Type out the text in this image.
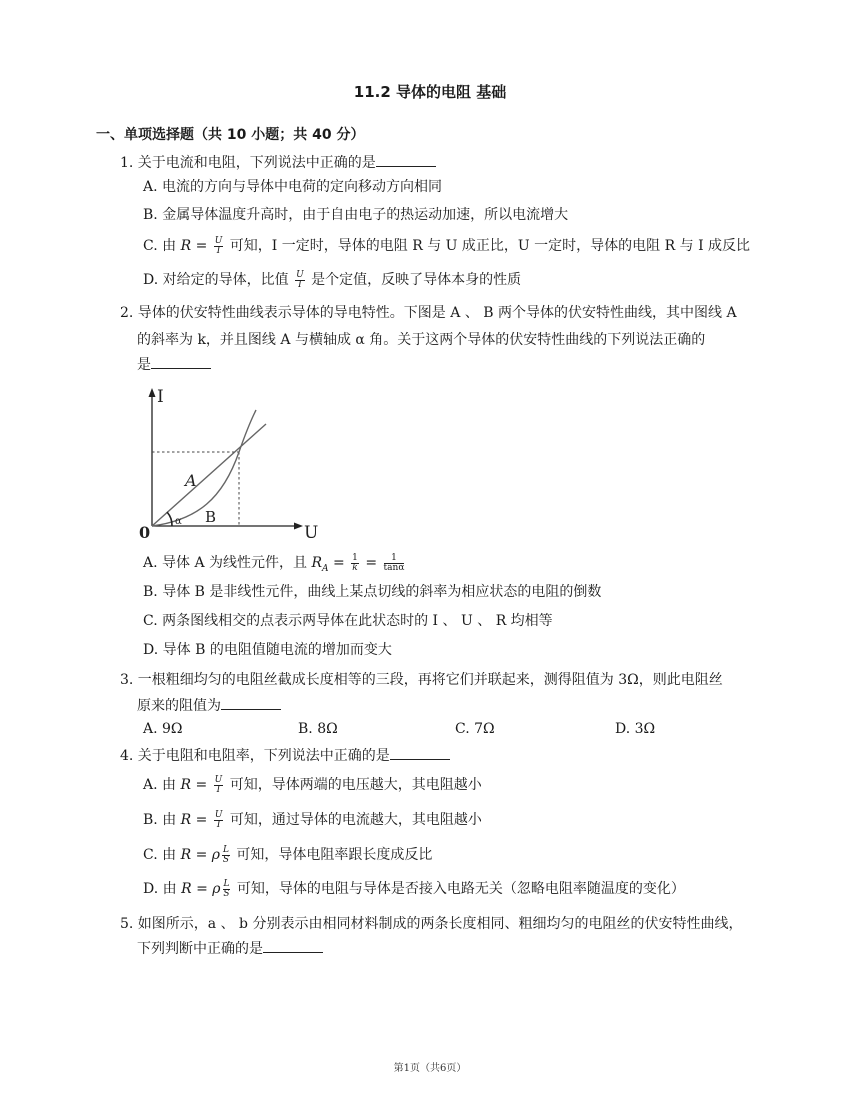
11.2 导体的电阻 基础
一、单项选择题（共 10 小题；共 40 分）
1. 关于电流和电阻，下列说法中正确的是
A. 电流的方向与导体中电荷的定向移动方向相同
B. 金属导体温度升高时，由于自由电子的热运动加速，所以电流增大
C. 由 $R = \frac{U}{I}$ 可知，I 一定时，导体的电阻 R 与 U 成正比，U 一定时，导体的电阻 R 与 I 成反比
D. 对给定的导体，比值 $\frac{U}{I}$ 是个定值，反映了导体本身的性质
2. 导体的伏安特性曲线表示导体的导电特性。下图是 A 、 B 两个导体的伏安特性曲线，其中图线 A
的斜率为 k，并且图线 A 与横轴成 α 角。关于这两个导体的伏安特性曲线的下列说法正确的
是
I
U
0
A
B
α
A. 导体 A 为线性元件，且 $R_A = \frac{1}{k} = \frac{1}{\tan\alpha}$
B. 导体 B 是非线性元件，曲线上某点切线的斜率为相应状态的电阻的倒数
C. 两条图线相交的点表示两导体在此状态时的 I 、 U 、 R 均相等
D. 导体 B 的电阻值随电流的增加而变大
3. 一根粗细均匀的电阻丝截成长度相等的三段，再将它们并联起来，测得阻值为 3Ω，则此电阻丝
原来的阻值为
A. 9Ω	B. 8Ω	C. 7Ω	D. 3Ω
4. 关于电阻和电阻率，下列说法中正确的是
A. 由 $R = \frac{U}{I}$ 可知，导体两端的电压越大，其电阻越小
B. 由 $R = \frac{U}{I}$ 可知，通过导体的电流越大，其电阻越小
C. 由 R = ρ $\frac{L}{S}$ 可知，导体电阻率跟长度成反比
D. 由 R = ρ $\frac{L}{S}$ 可知，导体的电阻与导体是否接入电路无关（忽略电阻率随温度的变化）
5. 如图所示，a 、 b 分别表示由相同材料制成的两条长度相同、粗细均匀的电阻丝的伏安特性曲线，
下列判断中正确的是
第1页（共6页）
